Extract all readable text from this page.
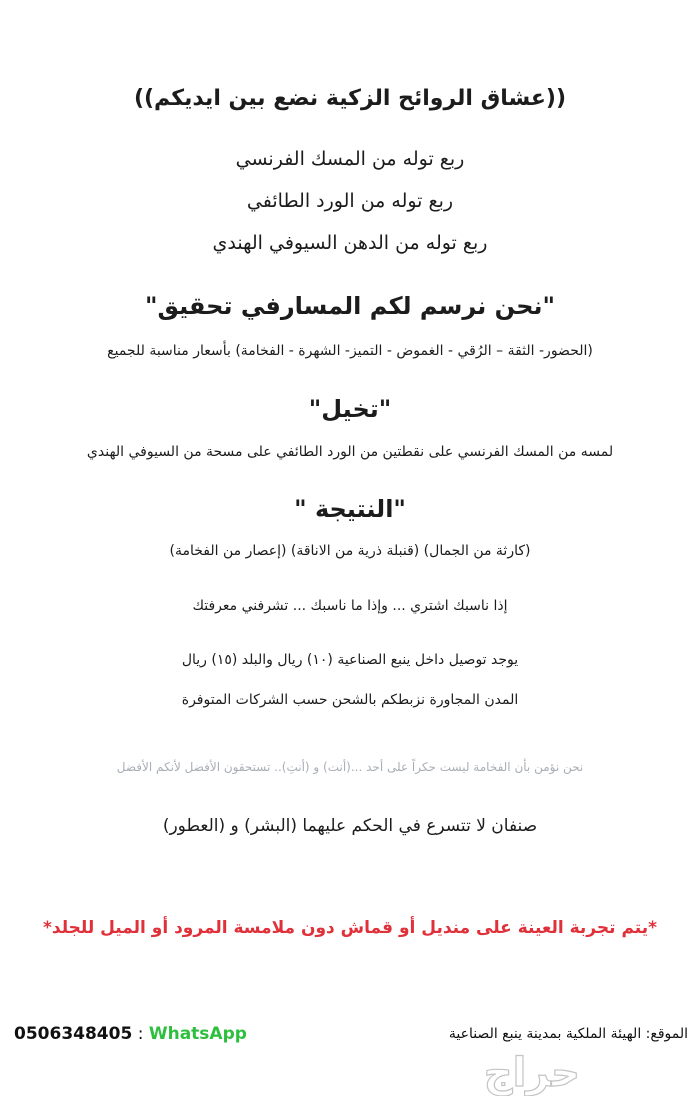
((عشاق الروائح الزكية نضع بين ايديكم))
ربع توله من المسك الفرنسي
ربع توله من الورد الطائفي
ربع توله من الدهن السيوفي الهندي
"نحن نرسم لكم المسارفي تحقيق"
(الحضور- الثقة – الرُقي - الغموض - التميز- الشهرة - الفخامة) بأسعار مناسبة للجميع
"تخيل"
لمسه من المسك الفرنسي على نقطتين من الورد الطائفي على مسحة من السيوفي الهندي
"النتيجة "
(كارثة من الجمال) (قنبلة ذرية من الاناقة) (إعصار من الفخامة)
إذا ناسبك اشتري ... وإذا ما ناسبك ... تشرفني معرفتك
يوجد توصيل داخل ينبع الصناعية (١٠) ريال والبلد (١٥) ريال
المدن المجاورة نزبطكم بالشحن حسب الشركات المتوفرة
نحن نؤمن بأن الفخامة ليست حكراً على أحد ...(أنت) و (أنتِ).. تستحقون الأفضل لأنكم الأفضل
صنفان لا تتسرع في الحكم عليهما (البشر) و (العطور)
*يتم تجربة العينة على منديل أو قماش دون ملامسة المرود أو الميل للجلد*
0506348405 : WhatsApp	الموقع: الهيئة الملكية بمدينة ينبع الصناعية
حراج
